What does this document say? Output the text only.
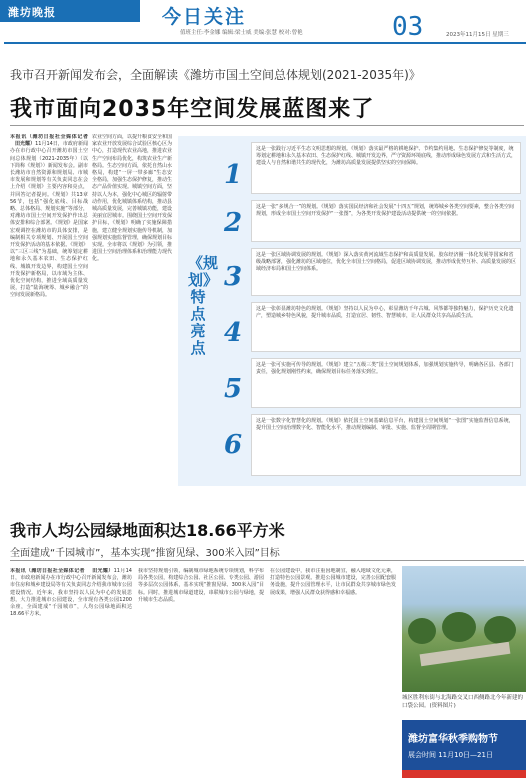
潍坊晚报	今日关注
值班主任:李金娜 编辑:梁士威 美编:张慧 校对:曾艳	03	2023年11月15日 星期三
我市召开新闻发布会，全面解读《潍坊市国土空间总体规划(2021-2035年)》
我市面向2035年空间发展蓝图来了
本报讯（潍坊日报社全媒体记者 　田光耀）11月14日，市政府新闻办在市行政中心召开潍坊市国土空间总体规划（2021-2035年）（以下简称《规划》）新闻发布会。副市长潍坊市自然资源和规划局、市城市发展和规划等有关负责同志在会上介绍《规划》主要内容和亮点，并回答记者提问。《规划》共13章56节，包括“强化底线、目标战略、总体格局、规划实施”等部分，对潍坊市国土空间开发保护作出总体安排和综合部署。《规划》是国家宏观调控在潍坊市的具体安排，是编制相关专项规划、开展国土空间开发保护活动的基本依据。《规划》以“三区三线”为基础，统筹划定耕地和永久基本农田、生态保护红线、城镇开发边界，构建国土空间开发保护新格局，以市域为主体、优化空间结构，推进全域高质量发展，打造“陆海统筹、城乡融合”的空间发展新格局。
农业空间方面，以提升粮食安全和国家农业开放发展综合试验区核心区为中心，打造现代农业高地，推进农业生产空间布局优化，构筑农业生产新格局。生态空间方面，依托自然山水格局，构建“一屏一带多廊”生态安全格局，加强生态保护修复，推动生态产品价值实现。城镇空间方面，坚持以人为本，强化中心城区的辐射带动作用，优化城镇体系结构，推动县城高质量发展，完善城镇功能，建设美丽宜居城市。围绕国土空间开发保护目标，《规划》明确了实施保障措施，建立健全规划实施传导机制，加强规划实施监督管理，确保规划目标实现。全市将以《规划》为引领，推进国土空间治理体系和治理能力现代化。	《规划》特点亮点
1
这是一张践行习近平生态文明思想的规划。《规划》落实最严格的耕地保护、节约集约用地、生态保护修复等制度，统筹划定耕地和永久基本农田、生态保护红线、城镇开发边界，严守资源环境底线，推动形成绿色发展方式和生活方式，建设人与自然和谐共生的现代化，为潍坊高质量发展提供坚实的空间保障。
2
这是一张“多规合一”的规划。《规划》落实国民经济和社会发展“十四五”规划，统筹城乡各类空间要素，整合各类空间规划，形成全市国土空间开发保护“一张图”，为各类开发保护建设活动提供统一的空间依据。
3
这是一张区域协调发展的规划。《规划》深入落实黄河流域生态保护和高质量发展、胶东经济圈一体化发展等国家和省级战略部署，强化潍坊的区域地位，优化全市国土空间格局，促进区域协调发展，推动形成优势互补、高质量发展的区域经济布局和国土空间体系。
4
这是一张彰显潍坊特色的规划。《规划》坚持以人民为中心，彰显潍坊千年古城、风筝都等独特魅力，保护历史文化遗产，塑造城乡特色风貌，提升城市品质，打造宜居、韧性、智慧城市，让人民群众共享高品质生活。
5
这是一张可实施可传导的规划。《规划》建立“五级三类”国土空间规划体系，加强规划实施传导，明确各区县、各部门责任，强化规划刚性约束，确保规划目标任务落实到位。
6
这是一张数字化智慧化的规划。《规划》依托国土空间基础信息平台，构建国土空间规划“一张图”实施监督信息系统，提升国土空间治理数字化、智能化水平，推动规划编制、审批、实施、监督全周期管理。
我市人均公园绿地面积达18.66平方米
全面建成“千园城市”，基本实现“推窗见绿、300米入园”目标
本报讯（潍坊日报社全媒体记者 　田光耀）11月14日，市政府新闻办在市行政中心召开新闻发布会，潍坊市住房和城乡建设局等有关负责同志介绍我市城市公园建设情况。近年来，我市坚持以人民为中心的发展思想，大力推进城市公园建设，全市现有各类公园1200余座，全面建成“千园城市”，人均公园绿地面积达18.66平方米。
我市坚持规划引领，编制城市绿地系统专项规划，科学布局各类公园，构建综合公园、社区公园、专类公园、游园等多层次公园体系，基本实现“推窗见绿、300米入园”目标。同时，推进城市绿道建设，串联城市公园与绿地，提升城市生态品质。
在公园建设中，我市注重因地制宜，融入地域文化元素，打造特色公园景观。推进公园城市建设，完善公园配套服务设施，提升公园管理水平，让市民群众共享城市绿色发展成果，增强人民群众获得感和幸福感。
城区胜利东街与北海路交叉口西侧路北今年新建的口袋公园。(资料图片)
潍坊富华秋季购物节
展会时间 11月10日—21日
